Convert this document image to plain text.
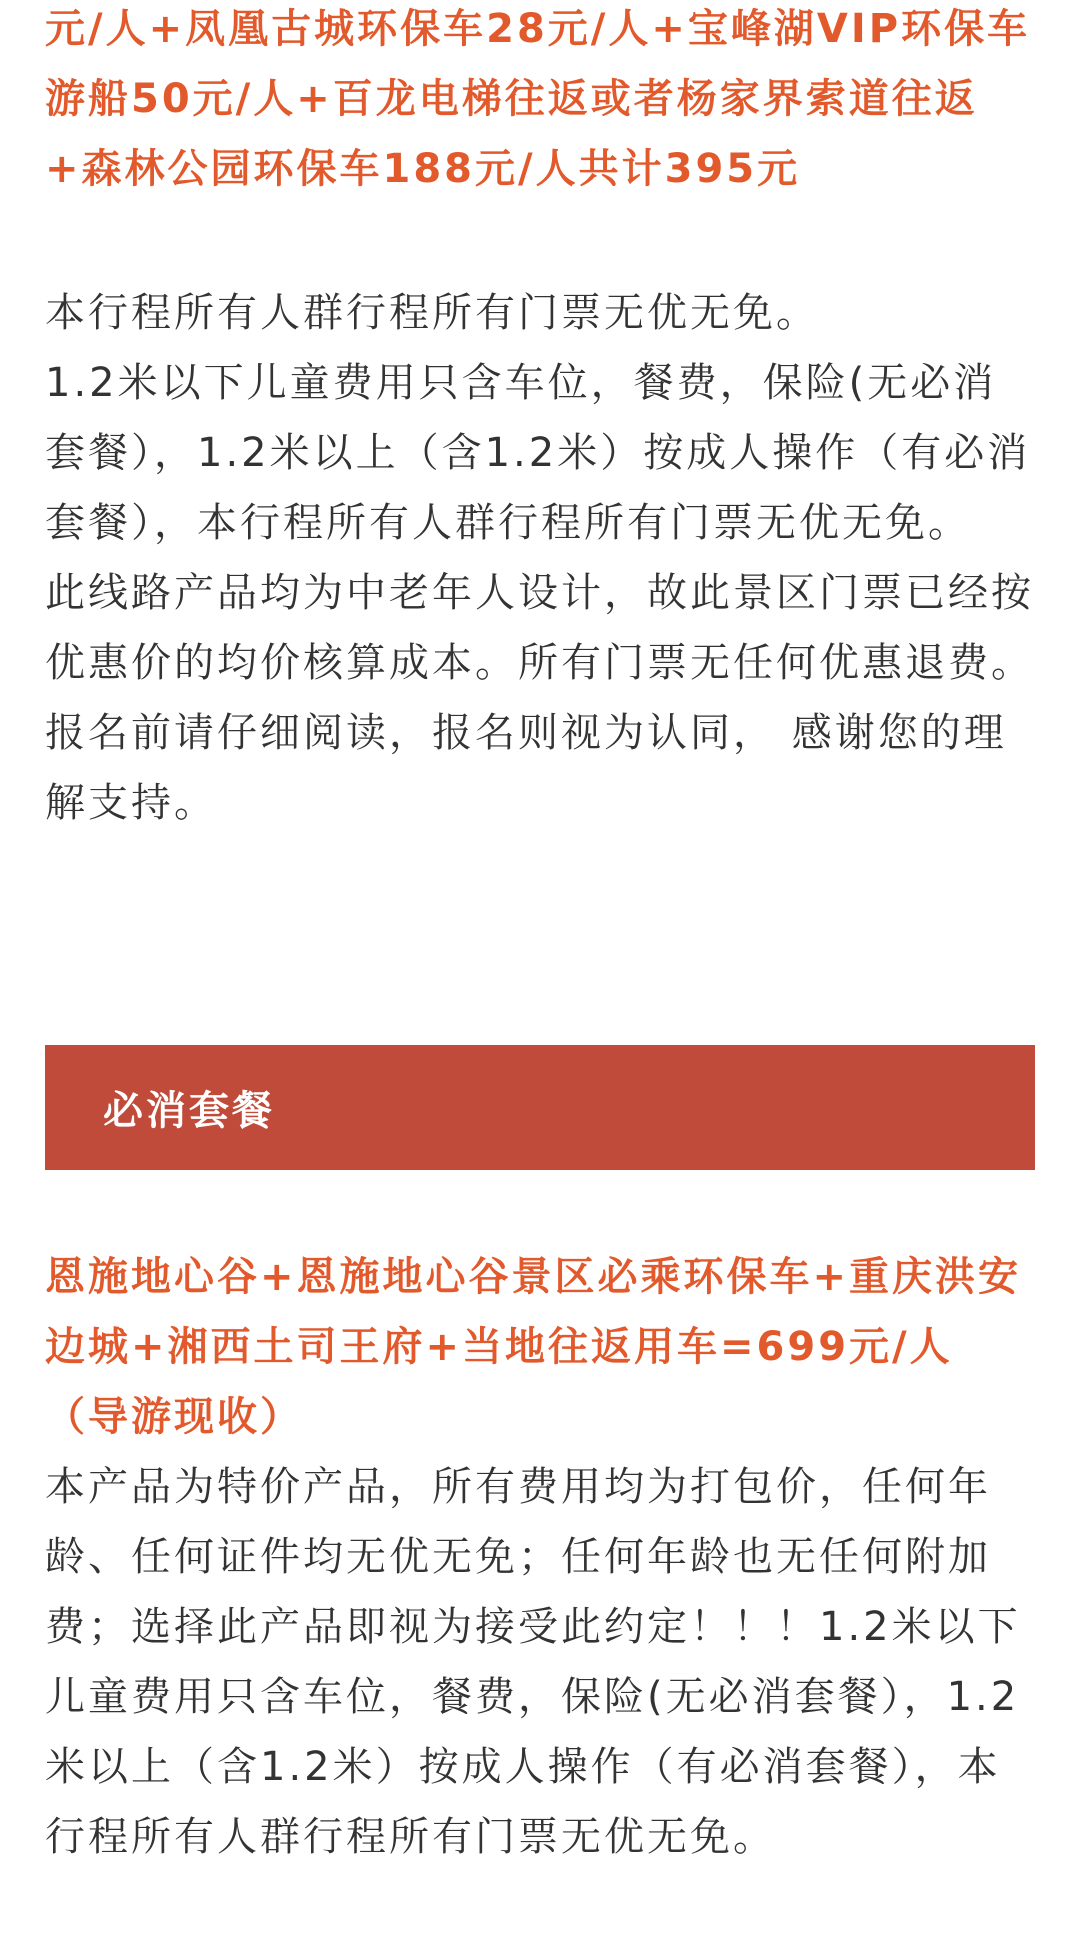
元/人+凤凰古城环保车28元/人+宝峰湖VIP环保车游船50元/人+百龙电梯往返或者杨家界索道往返+森林公园环保车188元/人共计395元

本行程所有人群行程所有门票无优无免。

1.2米以下儿童费用只含车位，餐费，保险(无必消套餐），1.2米以上（含1.2米）按成人操作（有必消套餐），本行程所有人群行程所有门票无优无免。

此线路产品均为中老年人设计，故此景区门票已经按优惠价的均价核算成本。所有门票无任何优惠退费。

报名前请仔细阅读，报名则视为认同， 感谢您的理解支持。

必消套餐

恩施地心谷+恩施地心谷景区必乘环保车+重庆洪安边城+湘西土司王府+当地往返用车=699元/人（导游现收）

本产品为特价产品，所有费用均为打包价，任何年龄、任何证件均无优无免；任何年龄也无任何附加费；选择此产品即视为接受此约定！！！1.2米以下儿童费用只含车位，餐费，保险(无必消套餐），1.2米以上（含1.2米）按成人操作（有必消套餐），本行程所有人群行程所有门票无优无免。
